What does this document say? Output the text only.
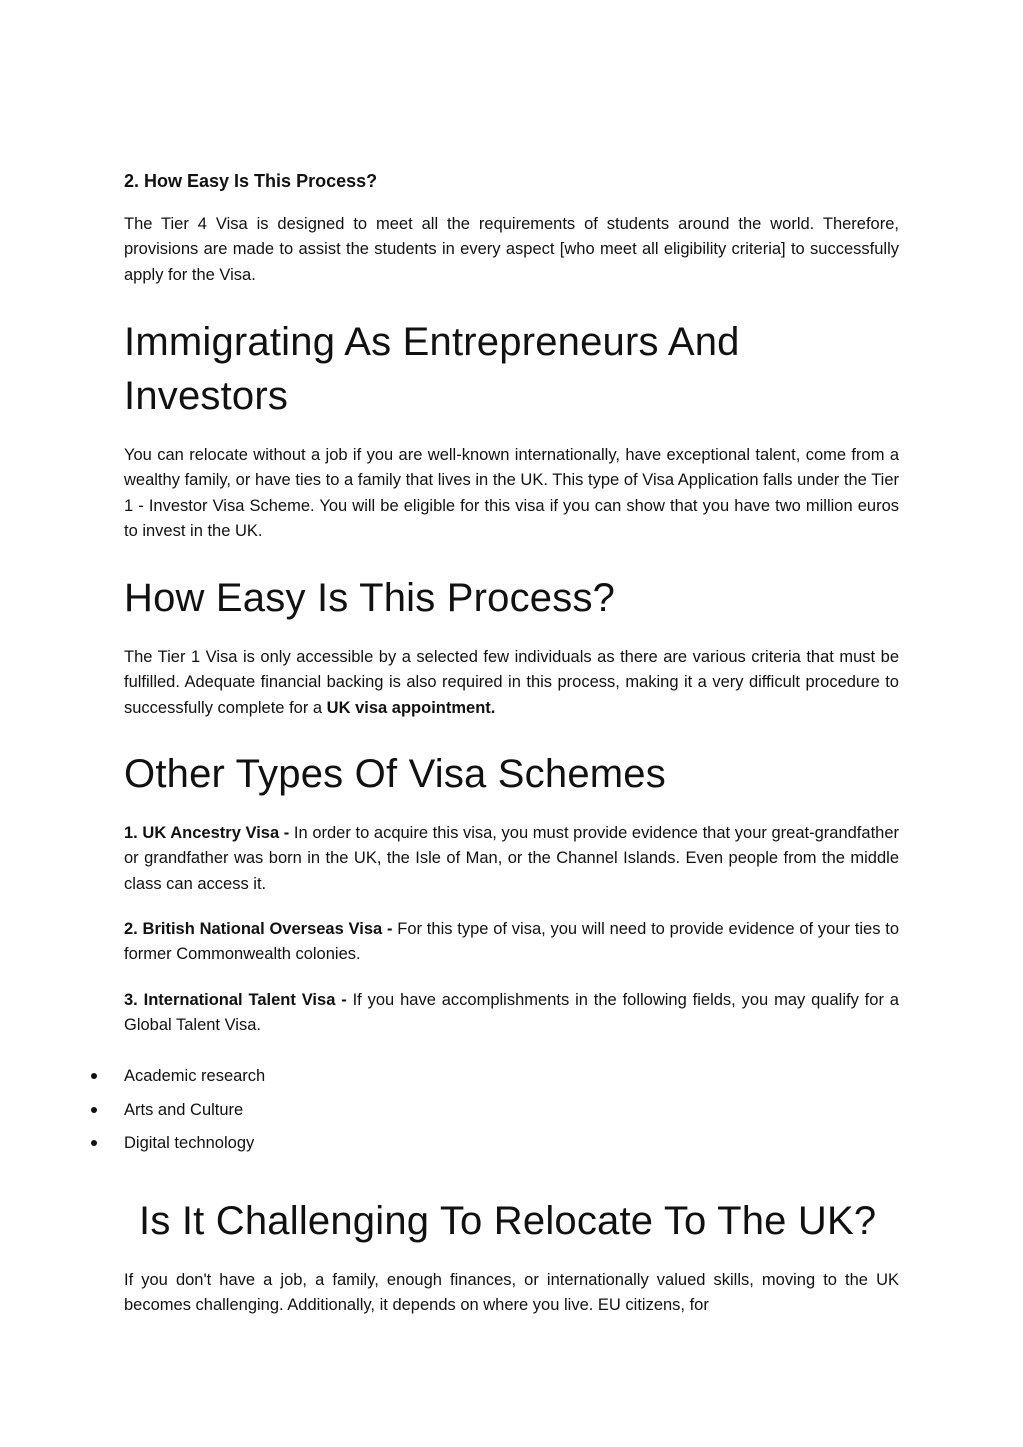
2. How Easy Is This Process?

The Tier 4 Visa is designed to meet all the requirements of students around the world. Therefore, provisions are made to assist the students in every aspect [who meet all eligibility criteria] to successfully apply for the Visa.

Immigrating As Entrepreneurs And Investors

You can relocate without a job if you are well-known internationally, have exceptional talent, come from a wealthy family, or have ties to a family that lives in the UK. This type of Visa Application falls under the Tier 1 - Investor Visa Scheme. You will be eligible for this visa if you can show that you have two million euros to invest in the UK.

How Easy Is This Process?

The Tier 1 Visa is only accessible by a selected few individuals as there are various criteria that must be fulfilled. Adequate financial backing is also required in this process, making it a very difficult procedure to successfully complete for a UK visa appointment.

Other Types Of Visa Schemes

1. UK Ancestry Visa - In order to acquire this visa, you must provide evidence that your great-grandfather or grandfather was born in the UK, the Isle of Man, or the Channel Islands. Even people from the middle class can access it.

2. British National Overseas Visa - For this type of visa, you will need to provide evidence of your ties to former Commonwealth colonies.

3. International Talent Visa - If you have accomplishments in the following fields, you may qualify for a Global Talent Visa.

Academic research
Arts and Culture
Digital technology
Is It Challenging To Relocate To The UK?

If you don't have a job, a family, enough finances, or internationally valued skills, moving to the UK becomes challenging. Additionally, it depends on where you live. EU citizens, for
